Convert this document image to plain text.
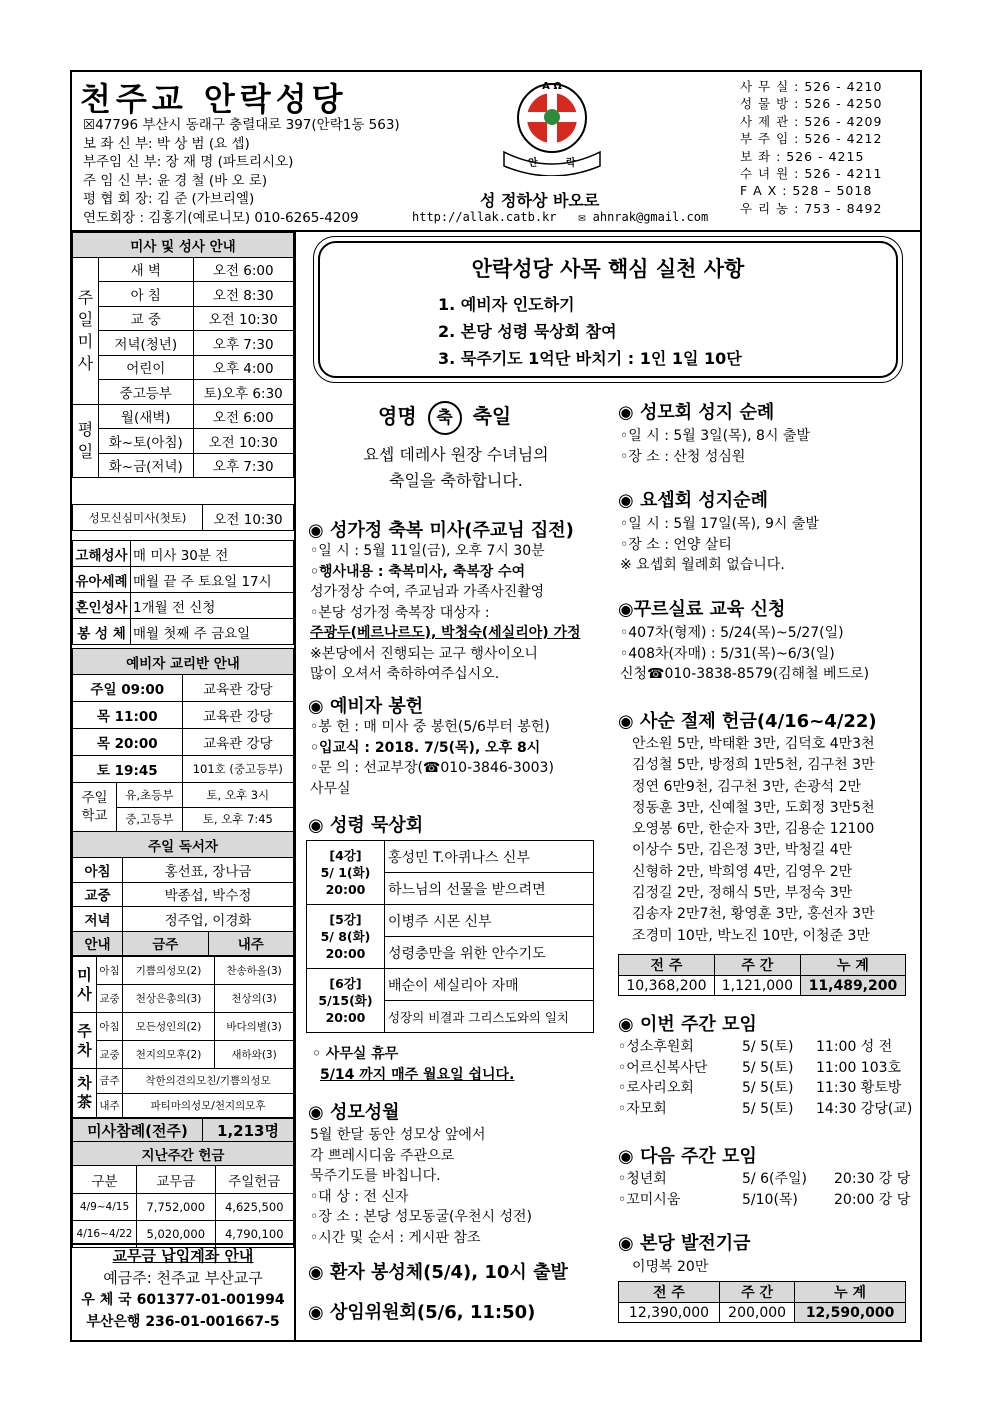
천주교 안락성당
☒47796 부산시 동래구 충렬대로 397(안락1동 563)
보 좌 신 부: 박 상 범 (요 셉)
부주임 신 부: 장 재 명 (파트리시오)
주 임 신 부: 윤 경 철 (바 오 로)
평 협 회 장: 김 준 (가브리엘)
연도회장 : 김홍기(예로니모) 010-6265-4209
A Ω
안	락
성 정하상 바오로
http://allak.catb.kr ✉ ahnrak@gmail.com
사 무 실 : 526 - 4210
성 물 방 : 526 - 4250
사 제 관 : 526 - 4209
부 주 임 : 526 - 4212
보 좌 : 526 - 4215
수 녀 원 : 526 - 4211
F A X : 528 – 5018
우 리 농 : 753 - 8492
미사 및 성사 안내		
주
일
미
사	새 벽	오전 6:00
	아 침	오전 8:30
	교 중	오전 10:30
	저녁(청년)	오후 7:30
	어린이	오후 4:00
	중고등부	토)오후 6:30
평
일	월(새벽)	오전 6:00
	화~토(아침)	오전 10:30
	화~금(저녁)	오후 7:30
성모신심미사(첫토)	오전 10:30
고해성사	매 미사 30분 전
유아세례	매월 끝 주 토요일 17시
혼인성사	1개월 전 신청
봉 성 체	매월 첫째 주 금요일
예비자 교리반 안내		
주일 09:00		교육관 강당
목 11:00		교육관 강당
목 20:00		교육관 강당
토 19:45		101호 (중고등부)
주일
학교	유,초등부	토, 오후 3시
	중,고등부	토, 오후 7:45
주일 독서자		
아침	홍선표, 장나금	
교중	박종섭, 박수정	
저녁	정주업, 이경화	
안내	금주	내주
미
사	아침	기쁨의성모(2)	찬송하올(3)
	교중	천상은총의(3)	천상의(3)
주
차	아침	모든성인의(2)	바다의별(3)
	교중	천지의모후(2)	새하와(3)
차
茶	금주	착한의견의모친/기쁨의성모	
	내주	파티마의성모/천지의모후	
미사참례(전주)	1,213명
지난주간 헌금		
구분	교무금	주일헌금
4/9~4/15	7,752,000	4,625,500
4/16~4/22	5,020,000	4,790,100
교무금 납입계좌 안내
예금주: 천주교 부산교구
우 체 국 601377-01-001994
부산은행 236-01-001667-5
안락성당 사목 핵심 실천 사항
1. 예비자 인도하기
2. 본당 성령 묵상회 참여
3. 묵주기도 1억단 바치기 : 1인 1일 10단
영명 축 축일
요셉 데레사 원장 수녀님의
축일을 축하합니다.
◉ 성가정 축복 미사(주교님 집전)
◦일 시 : 5월 11일(금), 오후 7시 30분
◦행사내용 : 축복미사, 축복장 수여
성가정상 수여, 주교님과 가족사진촬영
◦본당 성가정 축복장 대상자 :
주광두(베르나르도), 박청숙(세실리아) 가정
※본당에서 진행되는 교구 행사이오니
많이 오셔서 축하하여주십시오.
◉ 예비자 봉헌
◦봉 헌 : 매 미사 중 봉헌(5/6부터 봉헌)
◦입교식 : 2018. 7/5(목), 오후 8시
◦문 의 : 선교부장(☎010-3846-3003)
사무실
◉ 성령 묵상회
[4강]
5/ 1(화)
20:00	홍성민 T.아퀴나스 신부
	하느님의 선물을 받으려면
[5강]
5/ 8(화)
20:00	이병주 시몬 신부
	성령충만을 위한 안수기도
[6강]
5/15(화)
20:00	배순이 세실리아 자매
	성장의 비결과 그리스도와의 일치
◦ 사무실 휴무
5/14 까지 매주 월요일 쉽니다.
◉ 성모성월
5월 한달 동안 성모상 앞에서
각 쁘레시디움 주관으로
묵주기도를 바칩니다.
◦대 상 : 전 신자
◦장 소 : 본당 성모동굴(우천시 성전)
◦시간 및 순서 : 게시판 참조
◉ 환자 봉성체(5/4), 10시 출발
◉ 상임위원회(5/6, 11:50)
◉ 성모회 성지 순례
◦일 시 : 5월 3일(목), 8시 출발
◦장 소 : 산청 성심원
◉ 요셉회 성지순례
◦일 시 : 5월 17일(목), 9시 출발
◦장 소 : 언양 살티
※ 요셉회 월례회 없습니다.
◉꾸르실료 교육 신청
◦407차(형제) : 5/24(목)~5/27(일)
◦408차(자매) : 5/31(목)~6/3(일)
신청☎010-3838-8579(김해철 베드로)
◉ 사순 절제 헌금(4/16~4/22)
안소원 5만, 박태환 3만, 김덕호 4만3천
김성철 5만, 방정희 1만5천, 김구천 3만
정연 6만9천, 김구천 3만, 손광석 2만
정동훈 3만, 신예철 3만, 도회정 3만5천
오영봉 6만, 한순자 3만, 김용순 12100
이상수 5만, 김은정 3만, 박청길 4만
신형하 2만, 박희영 4만, 김영우 2만
김정길 2만, 정해식 5만, 부정숙 3만
김송자 2만7천, 황영훈 3만, 홍선자 3만
조경미 10만, 박노진 10만, 이청준 3만
전 주	주 간	누 계
10,368,200	1,121,000	11,489,200
◉ 이번 주간 모임
◦성소후원회	5/ 5(토)	11:00 성 전
◦어르신복사단	5/ 5(토)	11:00 103호
◦로사리오회	5/ 5(토)	11:30 황토방
◦자모회	5/ 5(토)	14:30 강당(교)
◉ 다음 주간 모임
◦청년회	5/ 6(주일)	20:30 강 당
◦꼬미시움	5/10(목)	20:00 강 당
◉ 본당 발전기금
이명복 20만
전 주	주 간	누 계
12,390,000	200,000	12,590,000
